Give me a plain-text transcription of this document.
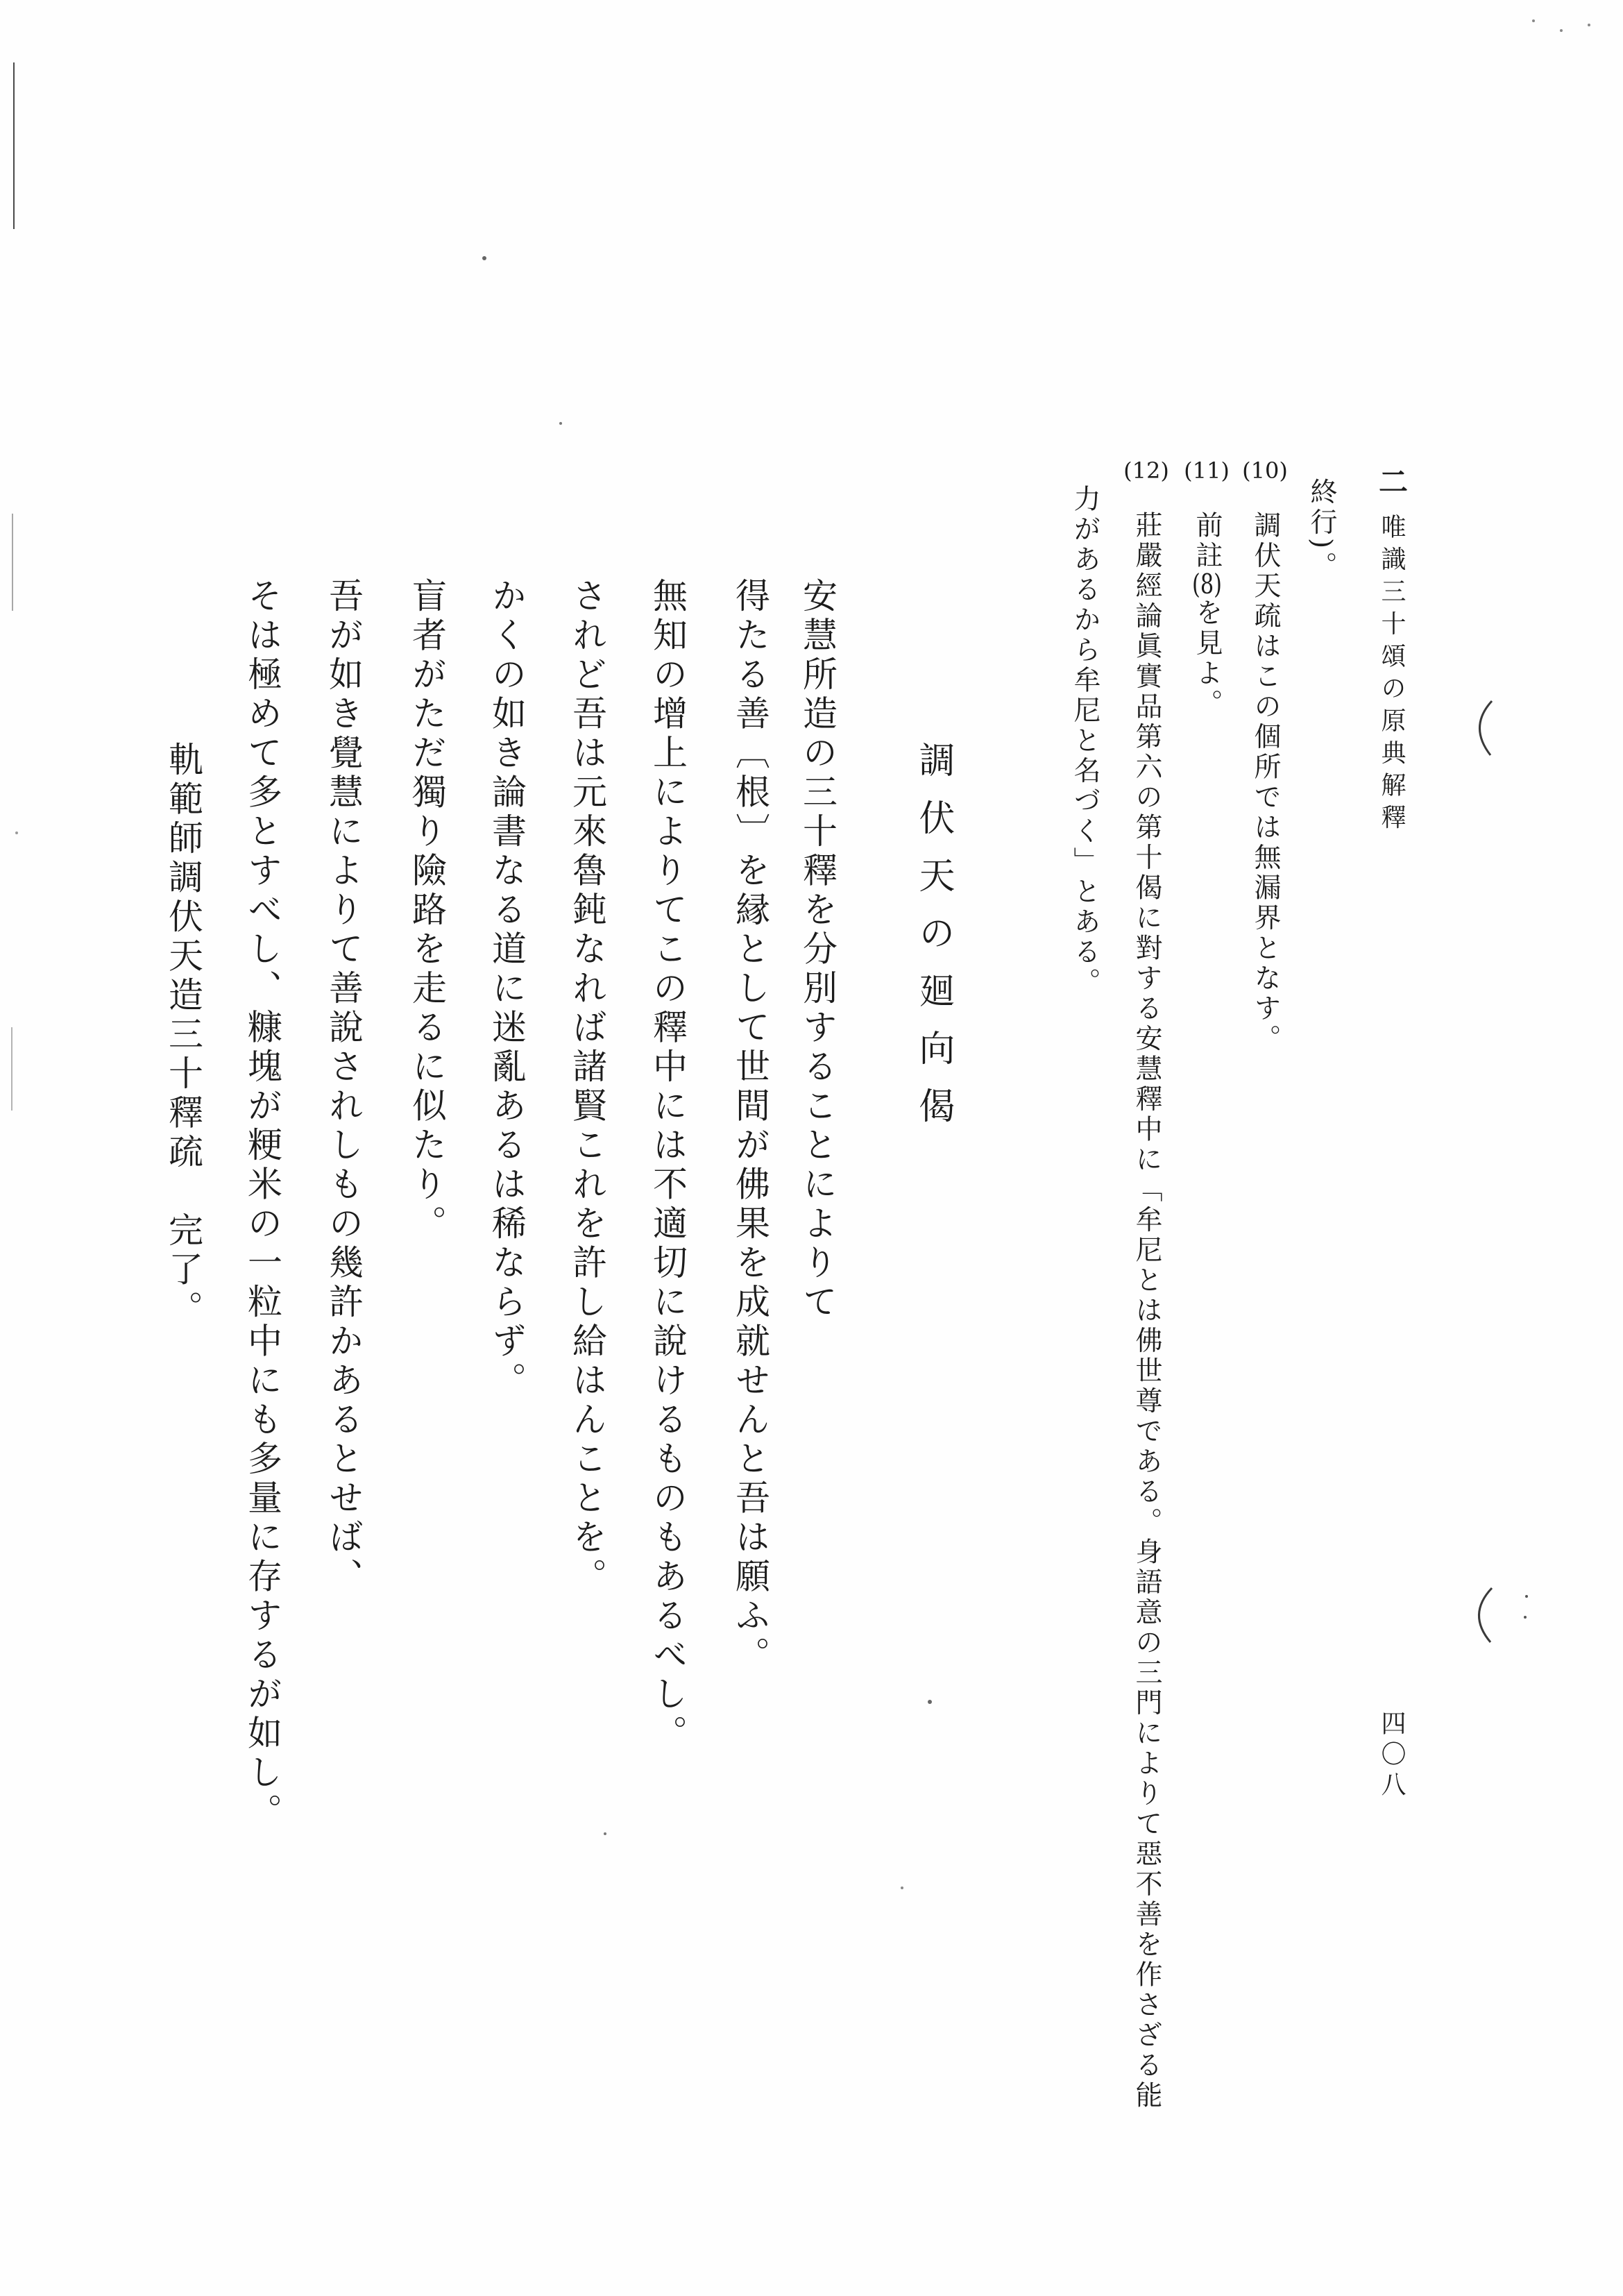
二
唯識三十頌の原典解釋
四〇八
終行)。
(10)
調伏天疏はこの個所では無漏界となす。
(11)
前註(8)を見よ。
(12)
莊嚴經論眞實品第六の第十偈に對する安慧釋中に「牟尼とは佛世尊である。身語意の三門によりて惡不善を作さざる能
力があるから牟尼と名づく」とある。
調伏天の廻向偈
安慧所造の三十釋を分別することによりて
得たる善〔根〕を縁として世間が佛果を成就せんと吾は願ふ。
無知の增上によりてこの釋中には不適切に說けるものもあるべし。
されど吾は元來魯鈍なれば諸賢これを許し給はんことを。
かくの如き論書なる道に迷亂あるは稀ならず。
盲者がただ獨り險路を走るに似たり。
吾が如き覺慧によりて善說されしもの幾許かあるとせば、
そは極めて多とすべし、糠塊が粳米の一粒中にも多量に存するが如し。
軌範師調伏天造三十釋疏　完了。
